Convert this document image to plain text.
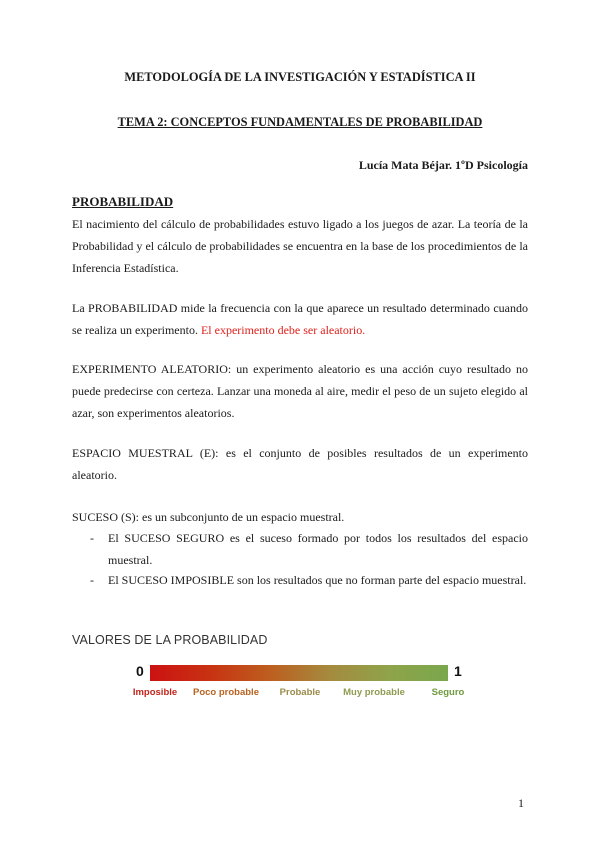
METODOLOGÍA DE LA INVESTIGACIÓN Y ESTADÍSTICA II
TEMA 2: CONCEPTOS FUNDAMENTALES DE PROBABILIDAD
Lucía Mata Béjar. 1ºD Psicología
PROBABILIDAD

El nacimiento del cálculo de probabilidades estuvo ligado a los juegos de azar. La teoría de la Probabilidad y el cálculo de probabilidades se encuentra en la base de los procedimientos de la Inferencia Estadística.

La PROBABILIDAD mide la frecuencia con la que aparece un resultado determinado cuando se realiza un experimento. El experimento debe ser aleatorio.

EXPERIMENTO ALEATORIO: un experimento aleatorio es una acción cuyo resultado no puede predecirse con certeza. Lanzar una moneda al aire, medir el peso de un sujeto elegido al azar, son experimentos aleatorios.

ESPACIO MUESTRAL (E): es el conjunto de posibles resultados de un experimento aleatorio.

SUCESO (S): es un subconjunto de un espacio muestral.

- El SUCESO SEGURO es el suceso formado por todos los resultados del espacio muestral.
- El SUCESO IMPOSIBLE son los resultados que no forman parte del espacio muestral.
VALORES DE LA PROBABILIDAD
0	1
Imposible	Poco probable	Probable	Muy probable	Seguro
1
